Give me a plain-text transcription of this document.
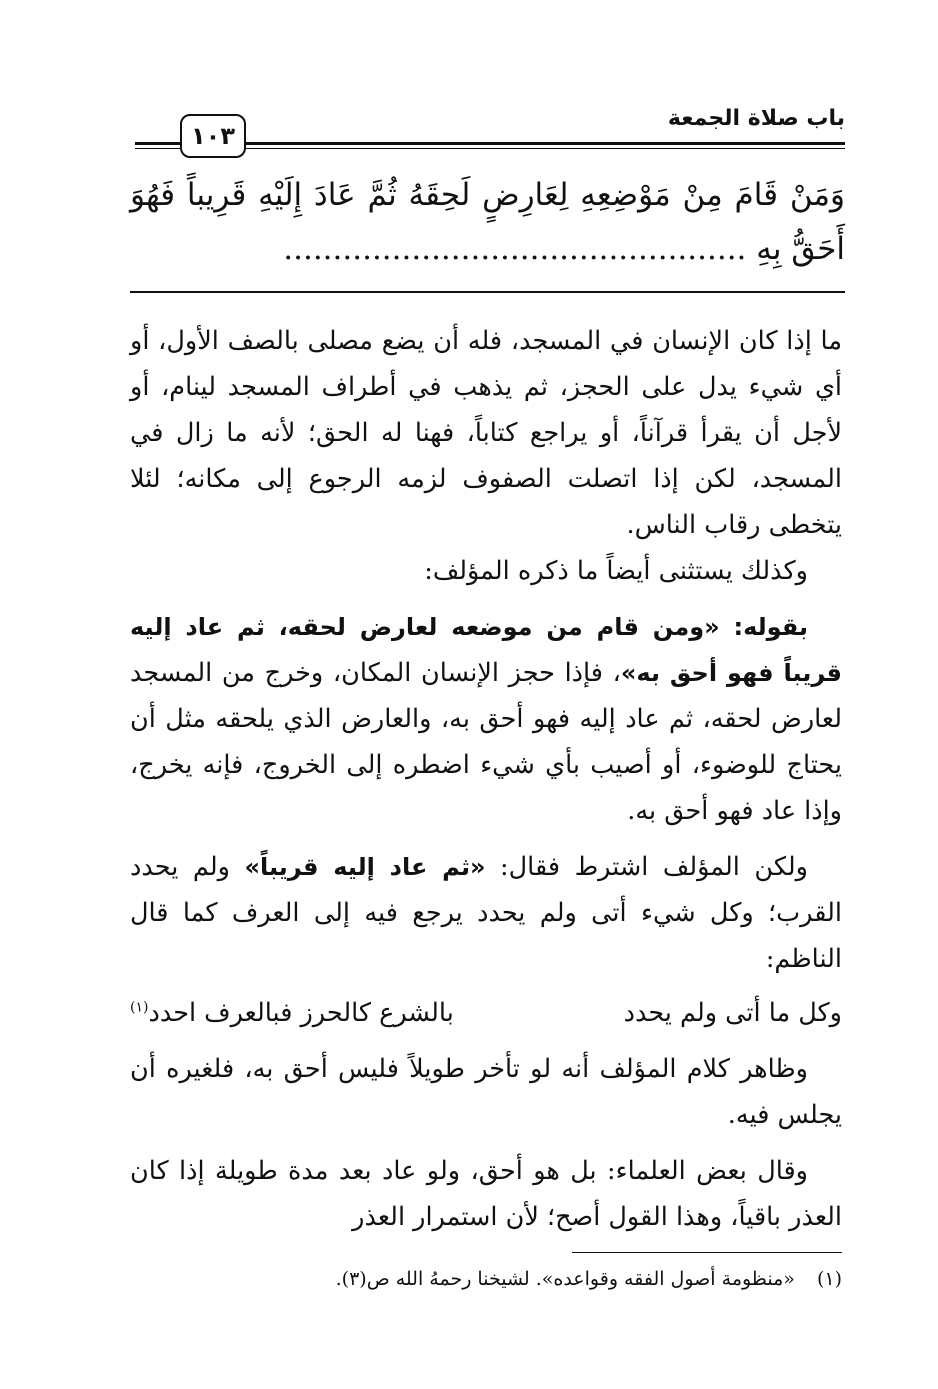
باب صلاة الجمعة
١٠٣
وَمَنْ قَامَ مِنْ مَوْضِعِهِ لِعَارِضٍ لَحِقَهُ ثُمَّ عَادَ إِلَيْهِ قَرِيباً فَهُوَ أَحَقُّ بِهِ ...............................................

ما إذا كان الإنسان في المسجد، فله أن يضع مصلى بالصف الأول، أو أي شيء يدل على الحجز، ثم يذهب في أطراف المسجد لينام، أو لأجل أن يقرأ قرآناً، أو يراجع كتاباً، فهنا له الحق؛ لأنه ما زال في المسجد، لكن إذا اتصلت الصفوف لزمه الرجوع إلى مكانه؛ لئلا يتخطى رقاب الناس.

وكذلك يستثنى أيضاً ما ذكره المؤلف:

بقوله: «ومن قام من موضعه لعارض لحقه، ثم عاد إليه قريباً فهو أحق به»، فإذا حجز الإنسان المكان، وخرج من المسجد لعارض لحقه، ثم عاد إليه فهو أحق به، والعارض الذي يلحقه مثل أن يحتاج للوضوء، أو أصيب بأي شيء اضطره إلى الخروج، فإنه يخرج، وإذا عاد فهو أحق به.

ولكن المؤلف اشترط فقال: «ثم عاد إليه قريباً» ولم يحدد القرب؛ وكل شيء أتى ولم يحدد يرجع فيه إلى العرف كما قال الناظم:

وكل ما أتى ولم يحدد
بالشرع كالحرز فبالعرف احدد$^{(١)}$

وظاهر كلام المؤلف أنه لو تأخر طويلاً فليس أحق به، فلغيره أن يجلس فيه.

وقال بعض العلماء: بل هو أحق، ولو عاد بعد مدة طويلة إذا كان العذر باقياً، وهذا القول أصح؛ لأن استمرار العذر

(١)«منظومة أصول الفقه وقواعده». لشيخنا رحمهُ الله ص(٣).
